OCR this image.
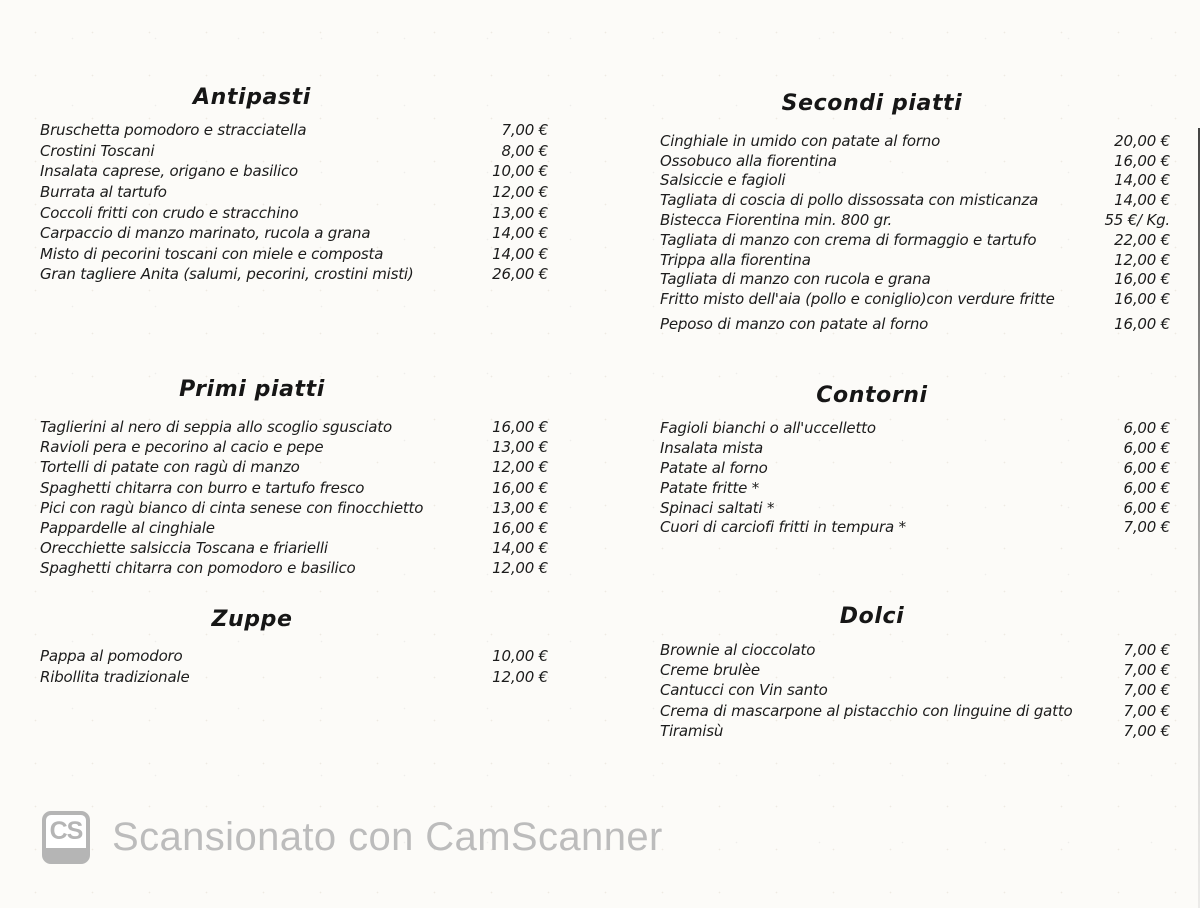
Antipasti
Bruschetta pomodoro e stracciatella	7,00 €
Crostini Toscani	8,00 €
Insalata caprese, origano e basilico	10,00 €
Burrata al tartufo	12,00 €
Coccoli fritti con crudo e stracchino	13,00 €
Carpaccio di manzo marinato, rucola a grana	14,00 €
Misto di pecorini toscani con miele e composta	14,00 €
Gran tagliere Anita (salumi, pecorini, crostini misti)	26,00 €
Primi piatti
Taglierini al nero di seppia allo scoglio sgusciato	16,00 €
Ravioli pera e pecorino al cacio e pepe	13,00 €
Tortelli di patate con ragù di manzo	12,00 €
Spaghetti chitarra con burro e tartufo fresco	16,00 €
Pici con ragù bianco di cinta senese con finocchietto	13,00 €
Pappardelle al cinghiale	16,00 €
Orecchiette salsiccia Toscana e friarielli	14,00 €
Spaghetti chitarra con pomodoro e basilico	12,00 €
Zuppe
Pappa al pomodoro	10,00 €
Ribollita tradizionale	12,00 €
Secondi piatti
Cinghiale in umido con patate al forno	20,00 €
Ossobuco alla fiorentina	16,00 €
Salsiccie e fagioli	14,00 €
Tagliata di coscia di pollo dissossata con misticanza	14,00 €
Bistecca Fiorentina min. 800 gr.	55 €/ Kg.
Tagliata di manzo con crema di formaggio e tartufo	22,00 €
Trippa alla fiorentina	12,00 €
Tagliata di manzo con rucola e grana	16,00 €
Fritto misto dell'aia (pollo e coniglio)con verdure fritte	16,00 €
Peposo di manzo con patate al forno	16,00 €
Contorni
Fagioli bianchi o all'uccelletto	6,00 €
Insalata mista	6,00 €
Patate al forno	6,00 €
Patate fritte *	6,00 €
Spinaci saltati *	6,00 €
Cuori di carciofi fritti in tempura *	7,00 €
Dolci
Brownie al cioccolato	7,00 €
Creme brulèe	7,00 €
Cantucci con Vin santo	7,00 €
Crema di mascarpone al pistacchio con linguine di gatto	7,00 €
Tiramisù	7,00 €
CS Scansionato con CamScanner
